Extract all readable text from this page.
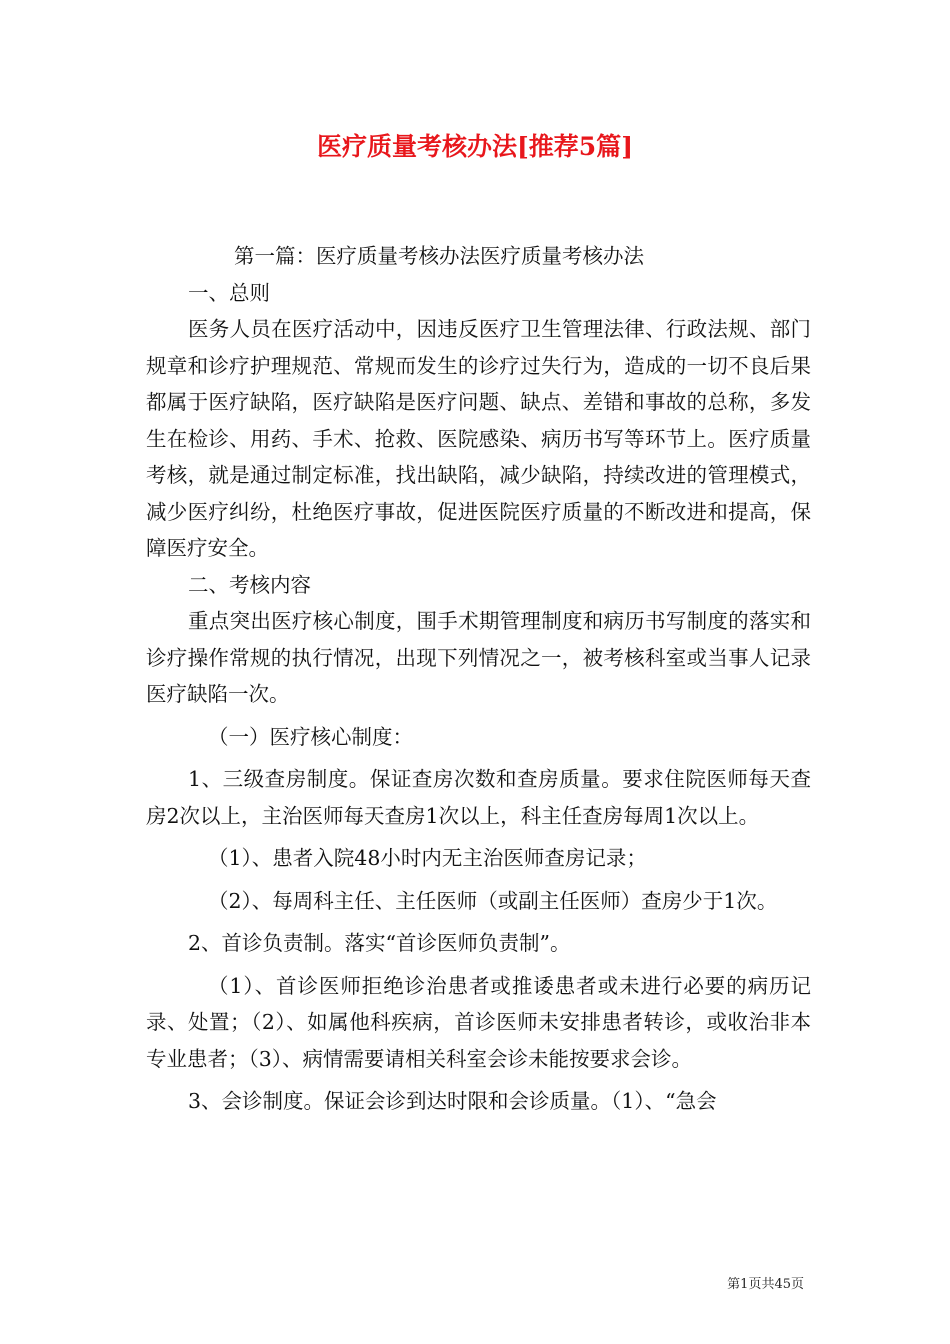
医疗质量考核办法[推荐5篇]

第一篇：医疗质量考核办法医疗质量考核办法

一、总则

医务人员在医疗活动中，因违反医疗卫生管理法律、行政法规、部门规章和诊疗护理规范、常规而发生的诊疗过失行为，造成的一切不良后果都属于医疗缺陷，医疗缺陷是医疗问题、缺点、差错和事故的总称，多发生在检诊、用药、手术、抢救、医院感染、病历书写等环节上。医疗质量考核，就是通过制定标准，找出缺陷，减少缺陷，持续改进的管理模式，减少医疗纠纷，杜绝医疗事故，促进医院医疗质量的不断改进和提高，保障医疗安全。

二、考核内容

重点突出医疗核心制度，围手术期管理制度和病历书写制度的落实和诊疗操作常规的执行情况，出现下列情况之一，被考核科室或当事人记录医疗缺陷一次。

（一）医疗核心制度：

1、三级查房制度。保证查房次数和查房质量。要求住院医师每天查房2次以上，主治医师每天查房1次以上，科主任查房每周1次以上。

（1）、患者入院48小时内无主治医师查房记录；

（2）、每周科主任、主任医师（或副主任医师）查房少于1次。

2、首诊负责制。落实“首诊医师负责制”。

（1）、首诊医师拒绝诊治患者或推诿患者或未进行必要的病历记录、处置；（2）、如属他科疾病，首诊医师未安排患者转诊，或收治非本专业患者；（3）、病情需要请相关科室会诊未能按要求会诊。

3、会诊制度。保证会诊到达时限和会诊质量。（1）、“急会

第1页共45页
